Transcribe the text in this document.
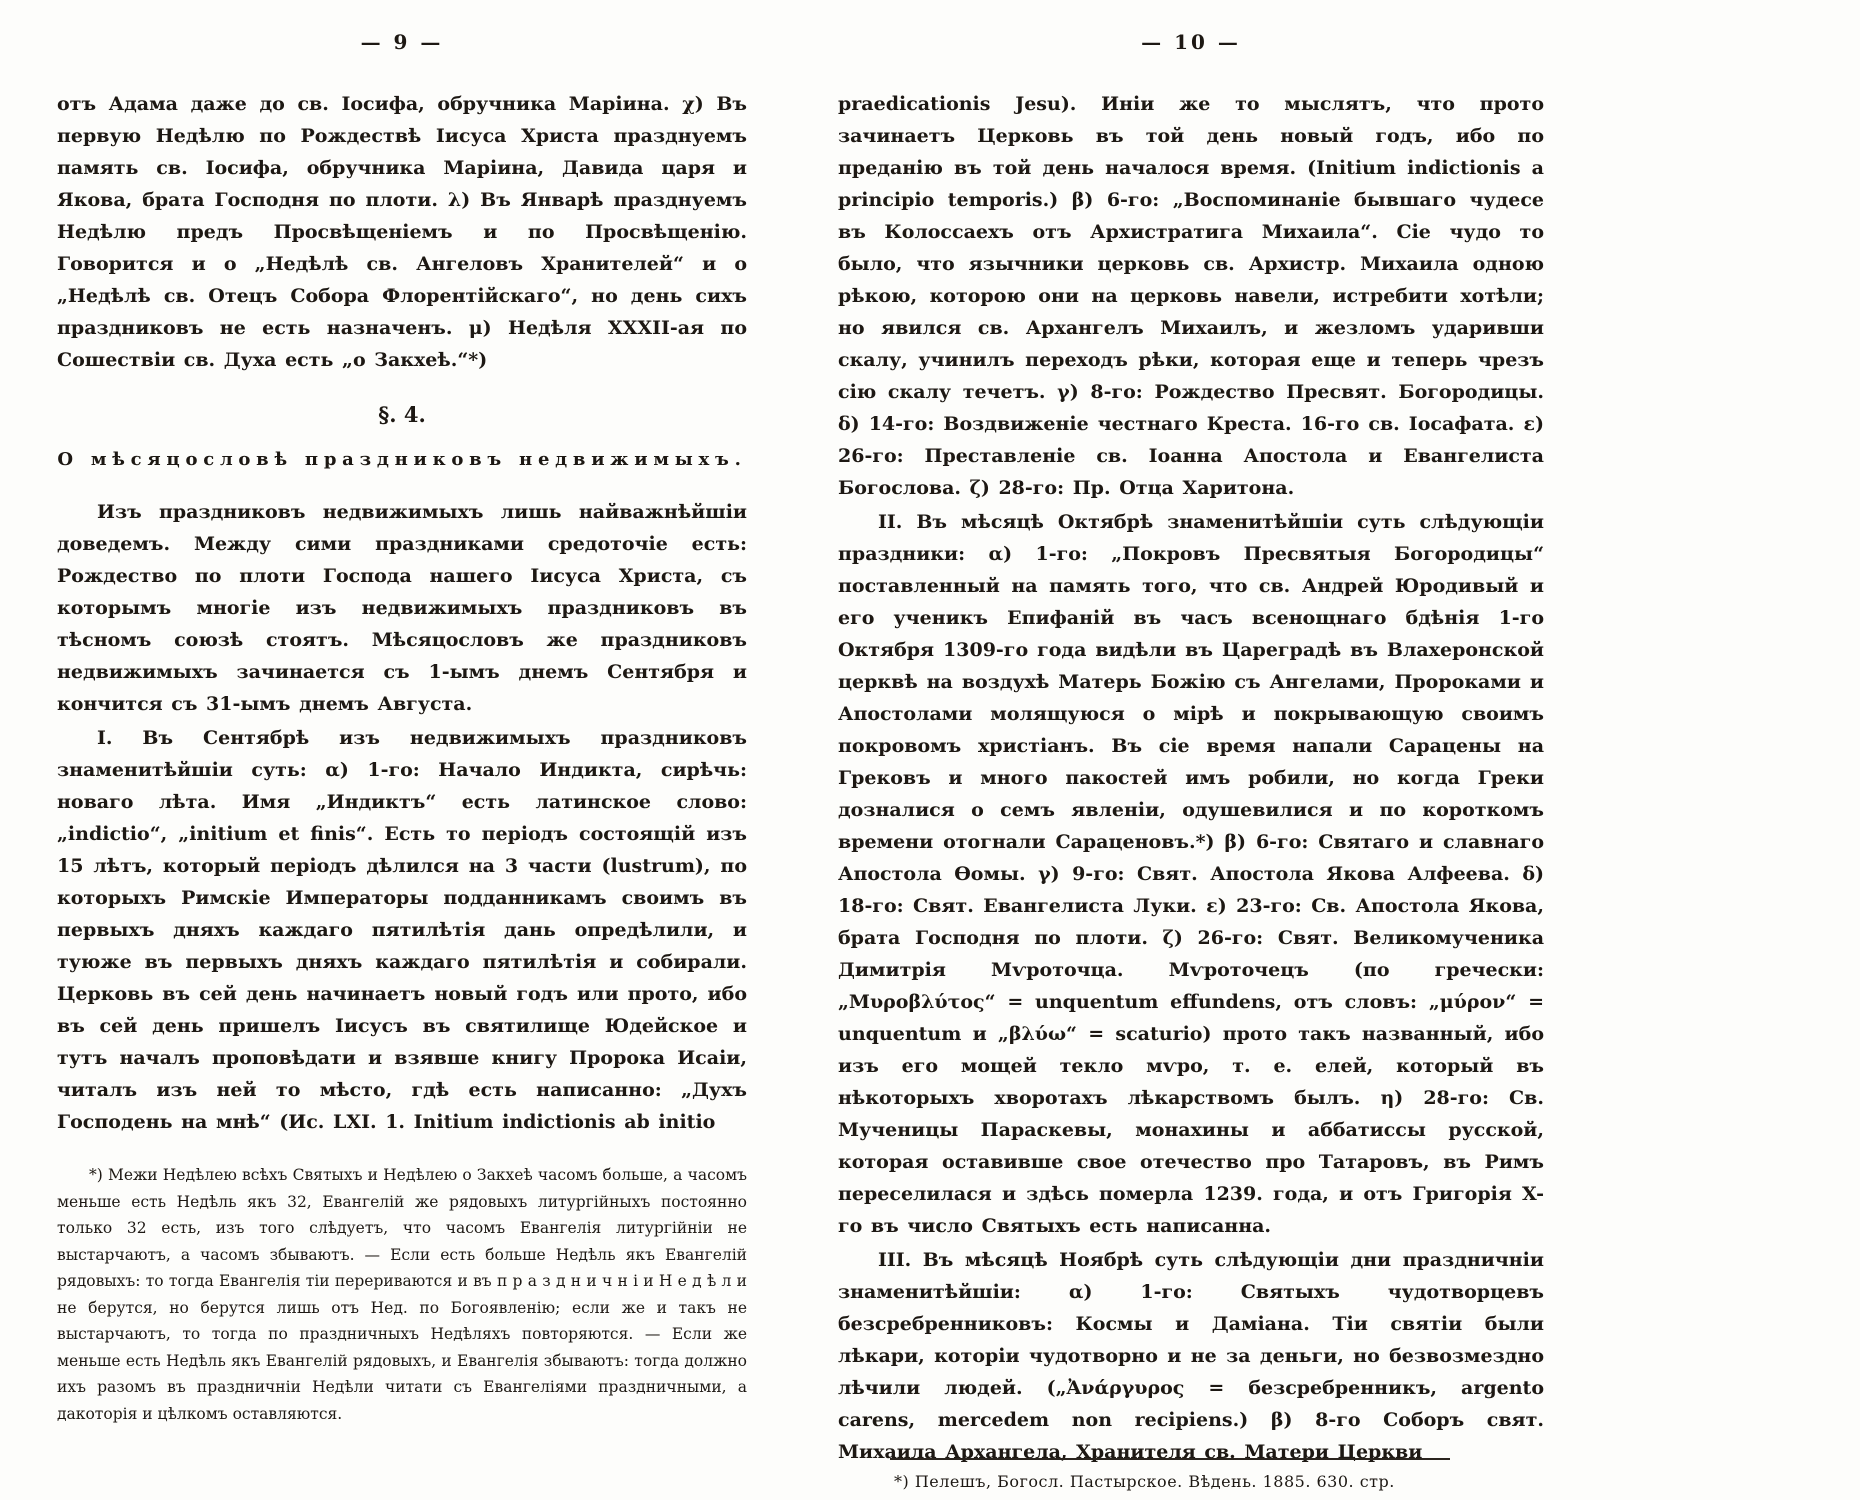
— 9 —

отъ Адама даже до св. Іосифа, обручника Маріина. χ) Въ первую Недѣлю по Рождествѣ Іисуса Христа празднуемъ память св. Іосифа, обручника Маріина, Давида царя и Якова, брата Господня по плоти. λ) Въ Январѣ празднуемъ Недѣлю предъ Просвѣщеніемъ и по Просвѣщенію. Говорится и о „Недѣлѣ св. Ангеловъ Хранителей“ и о „Недѣлѣ св. Отецъ Собора Флорентійскаго“, но день сихъ праздниковъ не есть назначенъ. μ) Недѣля XXXII-ая по Сошествіи св. Духа есть „о Закхеѣ.“*)

§. 4.
О мѣсяцословѣ праздниковъ недвижимыхъ.

Изъ праздниковъ недвижимыхъ лишь найважнѣйшіи доведемъ. Между сими праздниками средоточіе есть: Рождество по плоти Господа нашего Іисуса Христа, съ которымъ многіе изъ недвижимыхъ праздниковъ въ тѣсномъ союзѣ стоятъ. Мѣсяцословъ же праздниковъ недвижимыхъ зачинается съ 1-ымъ днемъ Сентября и кончится съ 31-ымъ днемъ Августа.

I. Въ Сентябрѣ изъ недвижимыхъ праздниковъ знаменитѣйшіи суть: α) 1-го: Начало Индикта, сирѣчь: новаго лѣта. Имя „Индиктъ“ есть латинское слово: „indictio“, „initium et finis“. Есть то періодъ состоящій изъ 15 лѣтъ, который періодъ дѣлился на 3 части (lustrum), по которыхъ Римскіе Императоры подданникамъ своимъ въ первыхъ дняхъ каждаго пятилѣтія дань опредѣлили, и туюже въ первыхъ дняхъ каждаго пятилѣтія и собирали. Церковь въ сей день начинаетъ новый годъ или прото, ибо въ сей день пришелъ Іисусъ въ святилище Юдейское и тутъ началъ проповѣдати и взявше книгу Пророка Исаіи, читалъ изъ ней то мѣсто, гдѣ есть написанно: „Духъ Господень на мнѣ“ (Ис. LXI. 1. Initium indictionis ab initio

*) Межи Недѣлею всѣхъ Святыхъ и Недѣлею о Закхеѣ часомъ больше, а часомъ меньше есть Недѣль якъ 32, Евангелій же рядовыхъ литургійныхъ постоянно только 32 есть, изъ того слѣдуетъ, что часомъ Евангелія литургійніи не выстарчаютъ, а часомъ збываютъ. — Если есть больше Недѣль якъ Евангелій рядовыхъ: то тогда Евангелія тіи перериваются и въ п р а з д н и ч н і и Н е д ѣ л и не берутся, но берутся лишь отъ Нед. по Богоявленію; если же и такъ не выстарчаютъ, то тогда по праздничныхъ Недѣляхъ повторяются. — Если же меньше есть Недѣль якъ Евангелій рядовыхъ, и Евангелія збываютъ: тогда должно ихъ разомъ въ праздничніи Недѣли читати съ Евангеліями праздничными, а дакоторія и цѣлкомъ оставляются.

— 10 —

praedicationis Jesu). Иніи же то мыслятъ, что прото зачинаетъ Церковь въ той день новый годъ, ибо по преданію въ той день началося время. (Initium indictionis a principio temporis.) β) 6-го: „Воспоминаніе бывшаго чудесе въ Колоссаехъ отъ Архистратига Михаила“. Сіе чудо то было, что язычники церковь св. Архистр. Михаила одною рѣкою, которою они на церковь навели, истребити хотѣли; но явился св. Архангелъ Михаилъ, и жезломъ ударивши скалу, учинилъ переходъ рѣки, которая еще и теперь чрезъ сію скалу течетъ. γ) 8-го: Рождество Пресвят. Богородицы. δ) 14-го: Воздвиженіе честнаго Креста. 16-го св. Іосафата. ε) 26-го: Преставленіе св. Іоанна Апостола и Евангелиста Богослова. ζ) 28-го: Пр. Отца Харитона.

II. Въ мѣсяцѣ Октябрѣ знаменитѣйшіи суть слѣдующіи праздники: α) 1-го: „Покровъ Пресвятыя Богородицы“ поставленный на память того, что св. Андрей Юродивый и его ученикъ Епифаній въ часъ всенощнаго бдѣнія 1-го Октября 1309-го года видѣли въ Цареградѣ въ Влахеронской церквѣ на воздухѣ Матерь Божію съ Ангелами, Пророками и Апостолами молящуюся о мірѣ и покрывающую своимъ покровомъ христіанъ. Въ сіе время напали Сарацены на Грековъ и много пакостей имъ робили, но когда Греки дозналися о семъ явленіи, одушевилися и по короткомъ времени отогнали Сараценовъ.*) β) 6-го: Святаго и славнаго Апостола Ѳомы. γ) 9-го: Свят. Апостола Якова Алфеева. δ) 18-го: Свят. Евангелиста Луки. ε) 23-го: Св. Апостола Якова, брата Господня по плоти. ζ) 26-го: Свят. Великомученика Димитрія Мѵроточца. Мѵроточецъ (по гречески: „Μυροβλύτος“ = unquentum effundens, отъ словъ: „μύρον“ = unquentum и „βλύω“ = scaturio) прото такъ названный, ибо изъ его мощей текло мѵро, т. е. елей, который въ нѣкоторыхъ хворотахъ лѣкарствомъ былъ. η) 28-го: Св. Мученицы Параскевы, монахины и аббатиссы русской, которая оставивше свое отечество про Татаровъ, въ Римъ переселилася и здѣсь померла 1239. года, и отъ Григорія X-го въ число Святыхъ есть написанна.

III. Въ мѣсяцѣ Ноябрѣ суть слѣдующіи дни праздничніи знаменитѣйшіи: α) 1-го: Святыхъ чудотворцевъ безсребренниковъ: Космы и Даміана. Тіи святіи были лѣкари, которіи чудотворно и не за деньги, но безвозмездно лѣчили людей. („Ἀνάργυρος = безсребренникъ, argento carens, mercedem non recipiens.) β) 8-го Соборъ свят. Михаила Архангела, Хранителя св. Матери Церкви

*) Пелешъ, Богосл. Пастырское. Вѣдень. 1885. 630. стр.
